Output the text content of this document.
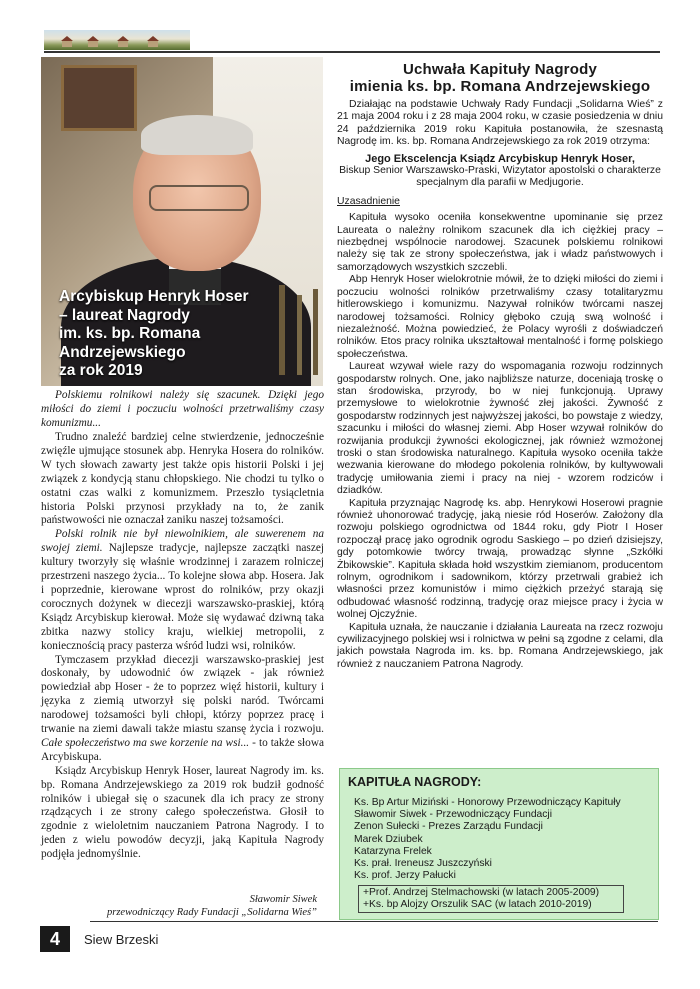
Arcybiskup Henryk Hoser
– laureat Nagrody
im. ks. bp. Romana
Andrzejewskiego
za rok 2019
Polskiemu rolnikowi należy się szacunek. Dzięki jego miłości do ziemi i poczuciu wolności przetrwaliśmy czasy komunizmu...

Trudno znaleźć bardziej celne stwierdzenie, jednocześnie zwięźle ujmujące stosunek abp. Henryka Hosera do rolników. W tych słowach zawarty jest także opis historii Polski i jej związek z kondycją stanu chłopskiego. Nie chodzi tu tylko o ostatni czas walki z komunizmem. Przeszło tysiącletnia historia Polski przynosi przykłady na to, że zanik państwowości nie oznaczał zaniku naszej tożsamości.

Polski rolnik nie był niewolnikiem, ale suwerenem na swojej ziemi. Najlepsze tradycje, najlepsze zaczątki naszej kultury tworzyły się właśnie wrodzinnej i zarazem rolniczej przestrzeni naszego życia... To kolejne słowa abp. Hosera. Jak i poprzednie, kierowane wprost do rolników, przy okazji corocznych dożynek w diecezji warszawsko-praskiej, którą Ksiądz Arcybiskup kierował. Może się wydawać dziwną taka zbitka nazwy stolicy kraju, wielkiej metropolii, z koniecznością pracy pasterza wśród ludzi wsi, rolników.

Tymczasem przykład diecezji warszawsko-praskiej jest doskonały, by udowodnić ów związek - jak również powiedział abp Hoser - że to poprzez więź historii, kultury i języka z ziemią utworzył się polski naród. Twórcami narodowej tożsamości byli chłopi, którzy poprzez pracę i trwanie na ziemi dawali także miastu szansę życia i rozwoju. Całe społeczeństwo ma swe korzenie na wsi... - to także słowa Arcybiskupa.

Ksiądz Arcybiskup Henryk Hoser, laureat Nagrody im. ks. bp. Romana Andrzejewskiego za 2019 rok budził godność rolników i ubiegał się o szacunek dla ich pracy ze strony rządzących i ze strony całego społeczeństwa. Głosił to zgodnie z wieloletnim nauczaniem Patrona Nagrody. I to jeden z wielu powodów decyzji, jaką Kapituła Nagrody podjęła jednomyślnie.

Sławomir Siwek
przewodniczący Rady Fundacji „Solidarna Wieś”
Uchwała Kapituły Nagrody
imienia ks. bp. Romana Andrzejewskiego

Działając na podstawie Uchwały Rady Fundacji „Solidarna Wieś” z 21 maja 2004 roku i z 28 maja 2004 roku, w czasie posiedzenia w dniu 24 października 2019 roku Kapituła postanowiła, że szesnastą Nagrodę im. ks. bp. Romana Andrzejewskiego za rok 2019 otrzyma:

Jego Ekscelencja Ksiądz Arcybiskup Henryk Hoser,

Biskup Senior Warszawsko-Praski, Wizytator apostolski o charakterze specjalnym dla parafii w Medjugorie.

Uzasadnienie

Kapituła wysoko oceniła konsekwentne upominanie się przez Laureata o należny rolnikom szacunek dla ich ciężkiej pracy – niezbędnej wspólnocie narodowej. Szacunek polskiemu rolnikowi należy się tak ze strony społeczeństwa, jak i władz państwowych i samorządowych wszystkich szczebli.

Abp Henryk Hoser wielokrotnie mówił, że to dzięki miłości do ziemi i poczuciu wolności rolników przetrwaliśmy czasy totalitaryzmu hitlerowskiego i komunizmu. Nazywał rolników twórcami naszej narodowej tożsamości. Rolnicy głęboko czują swą wolność i niezależność. Można powiedzieć, że Polacy wyrośli z doświadczeń rolników. Etos pracy rolnika ukształtował mentalność i formę polskiego społeczeństwa.

Laureat wzywał wiele razy do wspomagania rozwoju rodzinnych gospodarstw rolnych. One, jako najbliższe naturze, doceniają troskę o stan środowiska, przyrody, bo w niej funkcjonują. Uprawy przemysłowe to wielokrotnie żywność złej jakości. Żywność z gospodarstw rodzinnych jest najwyższej jakości, bo powstaje z wiedzy, szacunku i miłości do własnej ziemi. Abp Hoser wzywał rolników do rozwijania produkcji żywności ekologicznej, jak również wzmożonej troski o stan środowiska naturalnego. Kapituła wysoko oceniła także wezwania kierowane do młodego pokolenia rolników, by kultywowali tradycję umiłowania ziemi i pracy na niej - wzorem rodziców i dziadków.

Kapituła przyznając Nagrodę ks. abp. Henrykowi Hoserowi pragnie również uhonorować tradycję, jaką niesie ród Hoserów. Założony dla rozwoju polskiego ogrodnictwa od 1844 roku, gdy Piotr I Hoser rozpoczął pracę jako ogrodnik ogrodu Saskiego – po dzień dzisiejszy, gdy potomkowie twórcy trwają, prowadząc słynne „Szkółki Żbikowskie”. Kapituła składa hołd wszystkim ziemianom, producentom rolnym, ogrodnikom i sadownikom, którzy przetrwali grabież ich własności przez komunistów i mimo ciężkich przeżyć starają się odbudować własność rodzinną, tradycję oraz miejsce pracy i życia w wolnej Ojczyźnie.

Kapituła uznała, że nauczanie i działania Laureata na rzecz rozwoju cywilizacyjnego polskiej wsi i rolnictwa w pełni są zgodne z celami, dla jakich powstała Nagroda im. ks. bp. Romana Andrzejewskiego, jak również z nauczaniem Patrona Nagrody.

KAPITUŁA NAGRODY:
Ks. Bp Artur Miziński - Honorowy Przewodniczący Kapituły
Sławomir Siwek - Przewodniczący Fundacji
Zenon Sułecki - Prezes Zarządu Fundacji
Marek Dziubek
Katarzyna Frelek
Ks. prał. Ireneusz Juszczyński
Ks. prof. Jerzy Pałucki
+Prof. Andrzej Stelmachowski (w latach 2005-2009)
+Ks. bp Alojzy Orszulik SAC (w latach 2010-2019)
4	Siew Brzeski
